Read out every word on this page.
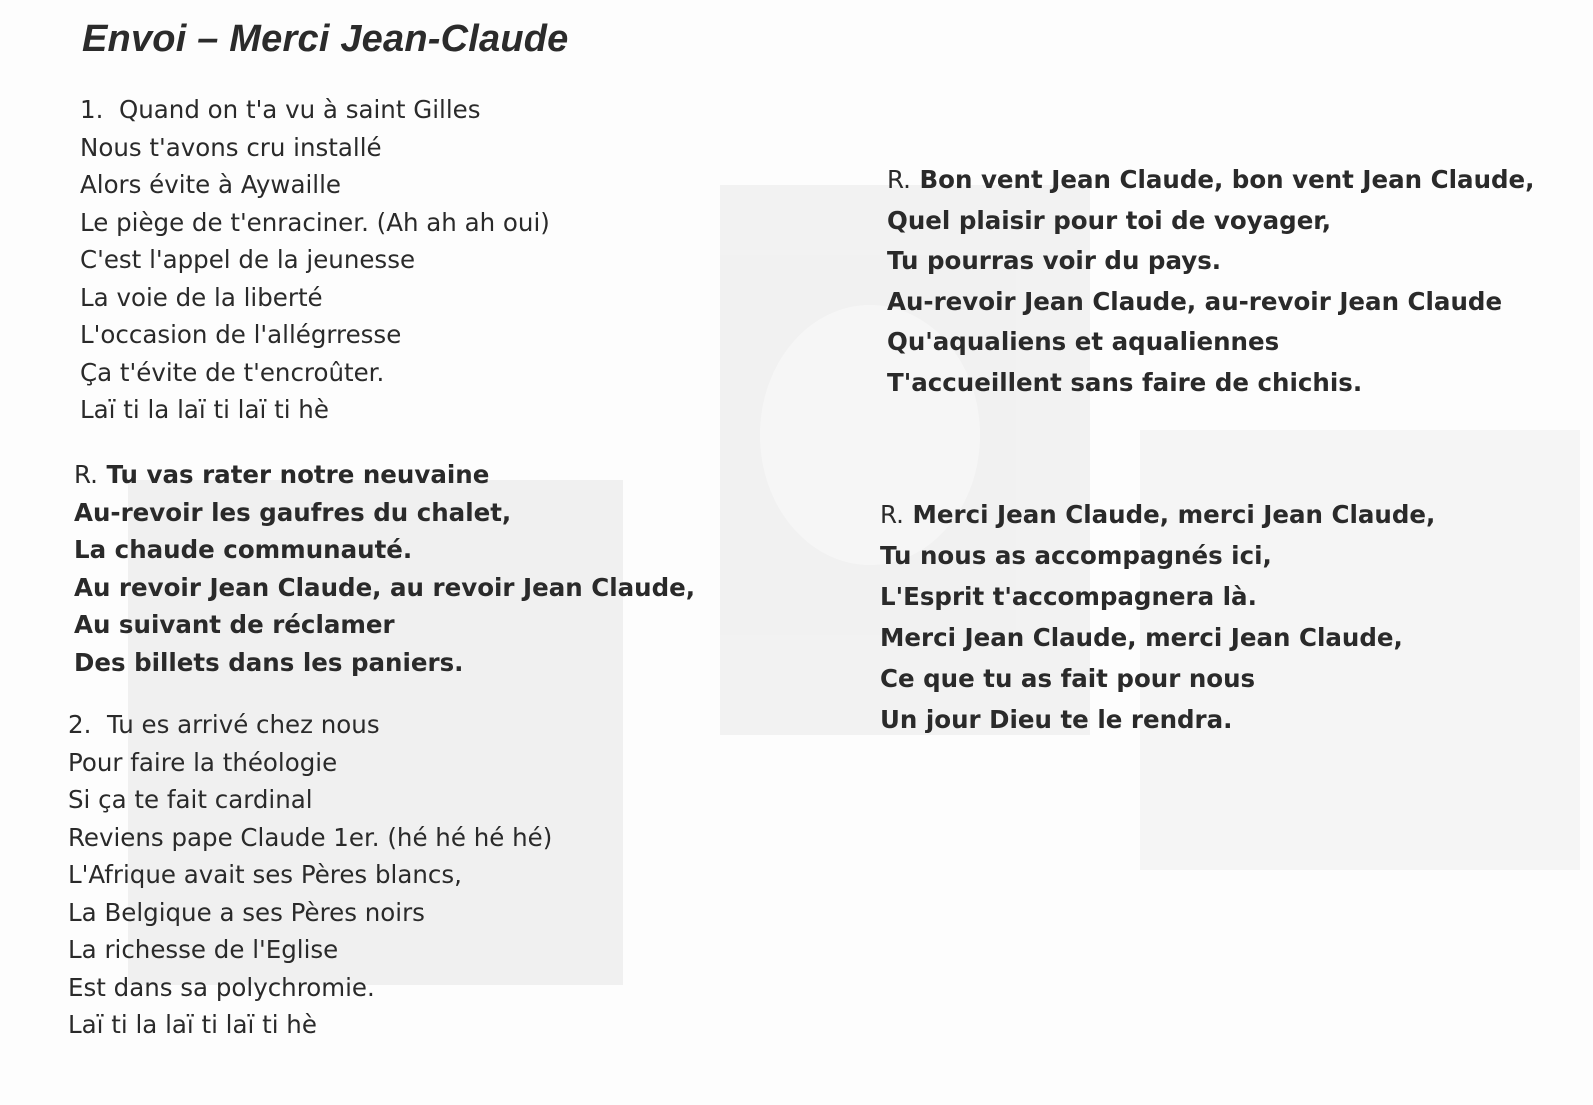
Envoi – Merci Jean-Claude
1. Quand on t'a vu à saint Gilles
Nous t'avons cru installé
Alors évite à Aywaille
Le piège de t'enraciner. (Ah ah ah oui)
C'est l'appel de la jeunesse
La voie de la liberté
L'occasion de l'allégrresse
Ça t'évite de t'encroûter.
Laï ti la laï ti laï ti hè
R. Tu vas rater notre neuvaine
Au-revoir les gaufres du chalet,
La chaude communauté.
Au revoir Jean Claude, au revoir Jean Claude,
Au suivant de réclamer
Des billets dans les paniers.
2. Tu es arrivé chez nous
Pour faire la théologie
Si ça te fait cardinal
Reviens pape Claude 1er. (hé hé hé hé)
L'Afrique avait ses Pères blancs,
La Belgique a ses Pères noirs
La richesse de l'Eglise
Est dans sa polychromie.
Laï ti la laï ti laï ti hè
R. Bon vent Jean Claude, bon vent Jean Claude,
Quel plaisir pour toi de voyager,
Tu pourras voir du pays.
Au-revoir Jean Claude, au-revoir Jean Claude
Qu'aqualiens et aqualiennes
T'accueillent sans faire de chichis.
R. Merci Jean Claude, merci Jean Claude,
Tu nous as accompagnés ici,
L'Esprit t'accompagnera là.
Merci Jean Claude, merci Jean Claude,
Ce que tu as fait pour nous
Un jour Dieu te le rendra.
